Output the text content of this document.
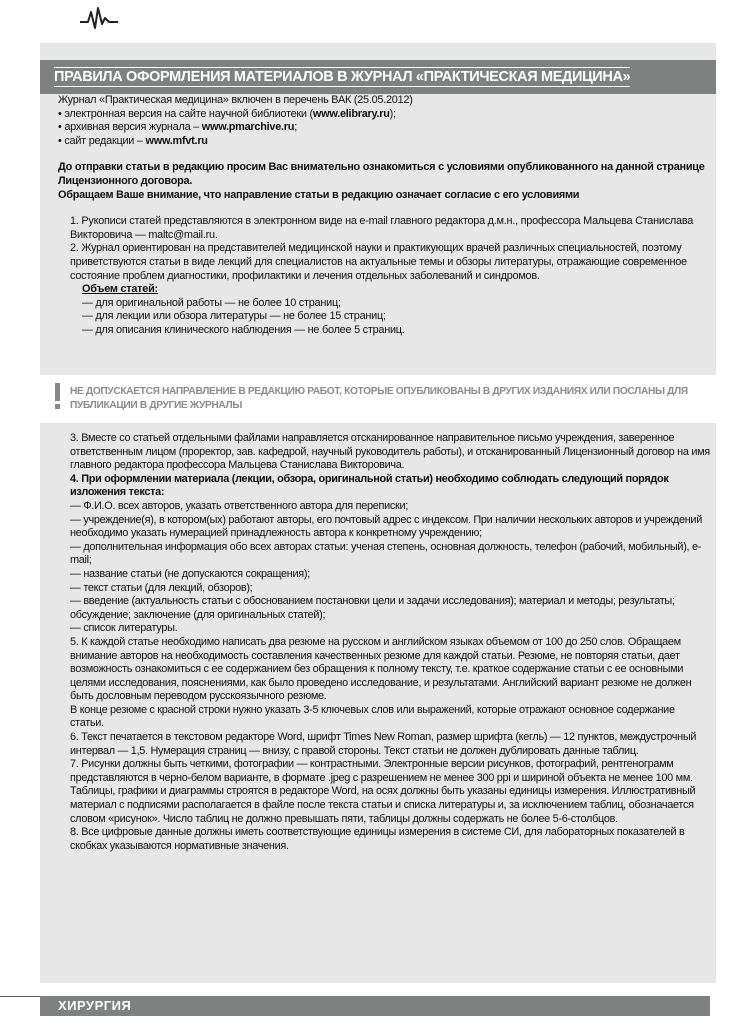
ПРАВИЛА ОФОРМЛЕНИЯ МАТЕРИАЛОВ В ЖУРНАЛ «ПРАКТИЧЕСКАЯ МЕДИЦИНА»

Журнал «Практическая медицина» включен в перечень ВАК (25.05.2012)

• электронная версия на сайте научной библиотеки (www.elibrary.ru);

• архивная версия журнала – www.pmarchive.ru;

• сайт редакции – www.mfvt.ru

До отправки статьи в редакцию просим Вас внимательно ознакомиться с условиями опубликованного на данной странице Лицензионного договора.

Обращаем Ваше внимание, что направление статьи в редакцию означает согласие с его условиями

1. Рукописи статей представляются в электронном виде на e-mail главного редактора д.м.н., профессора Мальцева Станислава Викторовича — maltc@mail.ru.

2. Журнал ориентирован на представителей медицинской науки и практикующих врачей различных специальностей, поэтому приветствуются статьи в виде лекций для специалистов на актуальные темы и обзоры литературы, отражающие современное состояние проблем диагностики, профилактики и лечения отдельных заболеваний и синдромов.

Объем статей:

— для оригинальной работы — не более 10 страниц;

— для лекции или обзора литературы — не более 15 страниц;

— для описания клинического наблюдения — не более 5 страниц.

НЕ ДОПУСКАЕТСЯ НАПРАВЛЕНИЕ В РЕДАКЦИЮ РАБОТ, КОТОРЫЕ ОПУБЛИКОВАНЫ В ДРУГИХ ИЗДАНИЯХ ИЛИ ПОСЛАНЫ ДЛЯ ПУБЛИКАЦИИ В ДРУГИЕ ЖУРНАЛЫ

3. Вместе со статьей отдельными файлами направляется отсканированное направительное письмо учреждения, заверенное ответственным лицом (проректор, зав. кафедрой, научный руководитель работы), и отсканированный Лицензионный договор на имя главного редактора профессора Мальцева Станислава Викторовича.

4. При оформлении материала (лекции, обзора, оригинальной статьи) необходимо соблюдать следующий порядок изложения текста:

— Ф.И.О. всех авторов, указать ответственного автора для переписки;

— учреждение(я), в котором(ых) работают авторы, его почтовый адрес с индексом. При наличии нескольких авторов и учреждений необходимо указать нумерацией принадлежность автора к конкретному учреждению;

— дополнительная информация обо всех авторах статьи: ученая степень, основная должность, телефон (рабочий, мобильный), e-mail;

— название статьи (не допускаются сокращения);

— текст статьи (для лекций, обзоров);

— введение (актуальность статьи с обоснованием постановки цели и задачи исследования); материал и методы; результаты; обсуждение; заключение (для оригинальных статей);

— список литературы.

5. К каждой статье необходимо написать два резюме на русском и английском языках объемом от 100 до 250 слов. Обращаем внимание авторов на необходимость составления качественных резюме для каждой статьи. Резюме, не повторяя статьи, дает возможность ознакомиться с ее содержанием без обращения к полному тексту, т.е. краткое содержание статьи с ее основными целями исследования, пояснениями, как было проведено исследование, и результатами. Английский вариант резюме не должен быть дословным переводом русскоязычного резюме.

В конце резюме с красной строки нужно указать 3-5 ключевых слов или выражений, которые отражают основное содержание статьи.

6. Текст печатается в текстовом редакторе Word, шрифт Times New Roman, размер шрифта (кегль) — 12 пунктов, междустрочный интервал — 1,5. Нумерация страниц — внизу, с правой стороны. Текст статьи не должен дублировать данные таблиц.

7. Рисунки должны быть четкими, фотографии — контрастными. Электронные версии рисунков, фотографий, рентгенограмм представляются в черно-белом варианте, в формате .jpeg с разрешением не менее 300 ppi и шириной объекта не менее 100 мм. Таблицы, графики и диаграммы строятся в редакторе Word, на осях должны быть указаны единицы измерения. Иллюстративный материал с подписями располагается в файле после текста статьи и списка литературы и, за исключением таблиц, обозначается словом «рисунок». Число таблиц не должно превышать пяти, таблицы должны содержать не более 5-6-столбцов.

8. Все цифровые данные должны иметь соответствующие единицы измерения в системе СИ, для лабораторных показателей в скобках указываются нормативные значения.

ХИРУРГИЯ
